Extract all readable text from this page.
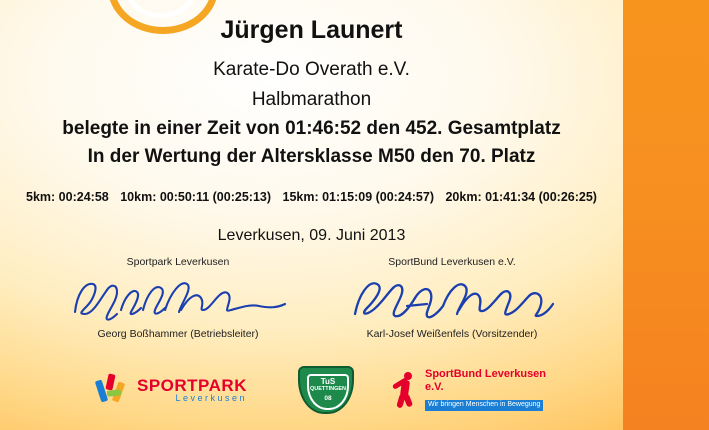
Jürgen Launert
Karate-Do Overath e.V.
Halbmarathon
belegte in einer Zeit von 01:46:52 den 452. Gesamtplatz
In der Wertung der Altersklasse M50 den 70. Platz
5km: 00:24:58 10km: 00:50:11 (00:25:13) 15km: 01:15:09 (00:24:57) 20km: 01:41:34 (00:26:25)
Leverkusen, 09. Juni 2013
Sportpark Leverkusen
Georg Boßhammer (Betriebsleiter)
SportBund Leverkusen e.V.
Karl-Josef Weißenfels (Vorsitzender)
SPORTPARK
Leverkusen
TuS
QUETTINGEN
08
SportBund Leverkusen e.V.
Wir bringen Menschen in Bewegung
